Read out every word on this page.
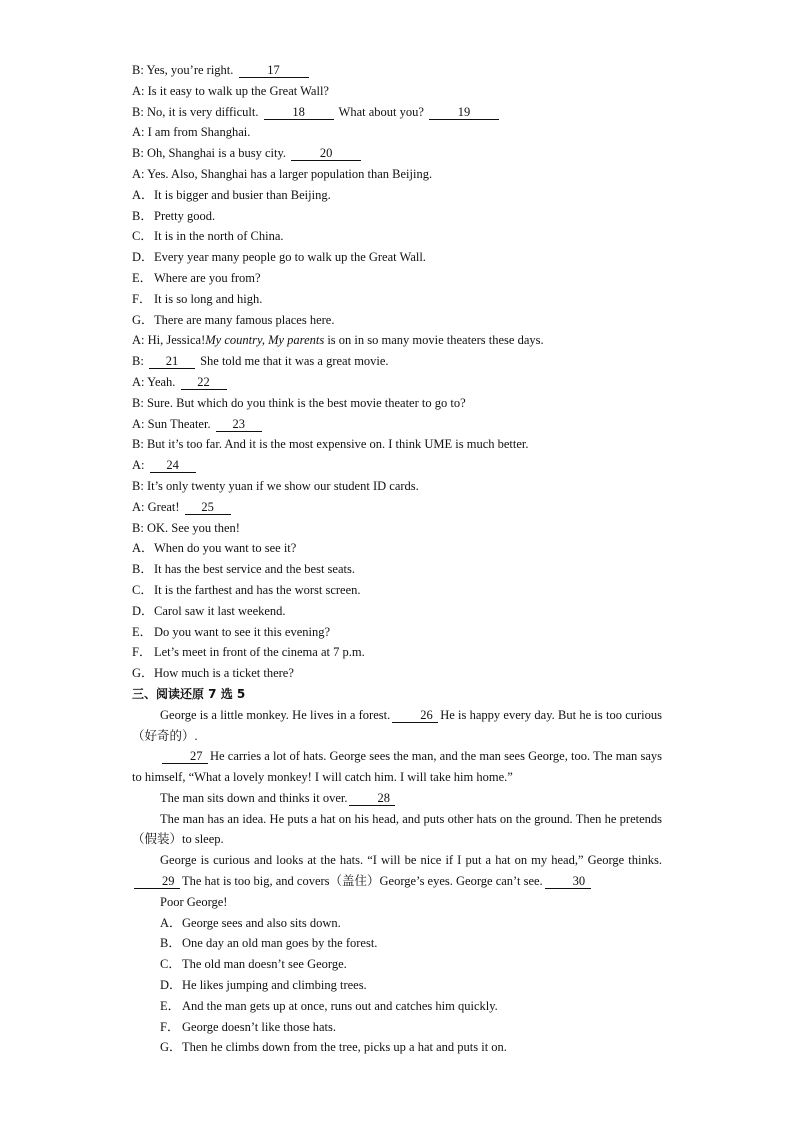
B: Yes, you’re right.	17
A: Is it easy to walk up the Great Wall?
B: No, it is very difficult.	18	What about you?	19
A: I am from Shanghai.
B: Oh, Shanghai is a busy city.	20
A: Yes. Also, Shanghai has a larger population than Beijing.
A．It is bigger and busier than Beijing.
B．Pretty good.
C．It is in the north of China.
D．Every year many people go to walk up the Great Wall.
E． Where are you from?
F． It is so long and high.
G．There are many famous places here.
A: Hi, Jessica!My country, My parents is on in so many movie theaters these days.
B: 21 She told me that it was a great movie.
A: Yeah. 22
B: Sure. But which do you think is the best movie theater to go to?
A: Sun Theater. 23
B: But it’s too far. And it is the most expensive on. I think UME is much better.
A: 24
B: It’s only twenty yuan if we show our student ID cards.
A: Great! 25
B: OK. See you then!
A．When do you want to see it?
B．It has the best service and the best seats.
C．It is the farthest and has the worst screen.
D．Carol saw it last weekend.
E． Do you want to see it this evening?
F． Let’s meet in front of the cinema at 7 p.m.
G．How much is a ticket there?
三、阅读还原 7 选 5
George is a little monkey. He lives in a forest. 26 He is happy every day. But he is too curious（好奇的）.
27 He carries a lot of hats. George sees the man, and the man sees George, too. The man says to himself, “What a lovely monkey! I will catch him. I will take him home.”
The man sits down and thinks it over. 28
The man has an idea. He puts a hat on his head, and puts other hats on the ground. Then he pretends（假装）to sleep.
George is curious and looks at the hats. “I will be nice if I put a hat on my head,” George thinks.29 The hat is too big, and covers（盖住）George’s eyes. George can’t see. 30
Poor George!
A．George sees and also sits down.
B．One day an old man goes by the forest.
C．The old man doesn’t see George.
D．He likes jumping and climbing trees.
E． And the man gets up at once, runs out and catches him quickly.
F． George doesn’t like those hats.
G．Then he climbs down from the tree, picks up a hat and puts it on.
